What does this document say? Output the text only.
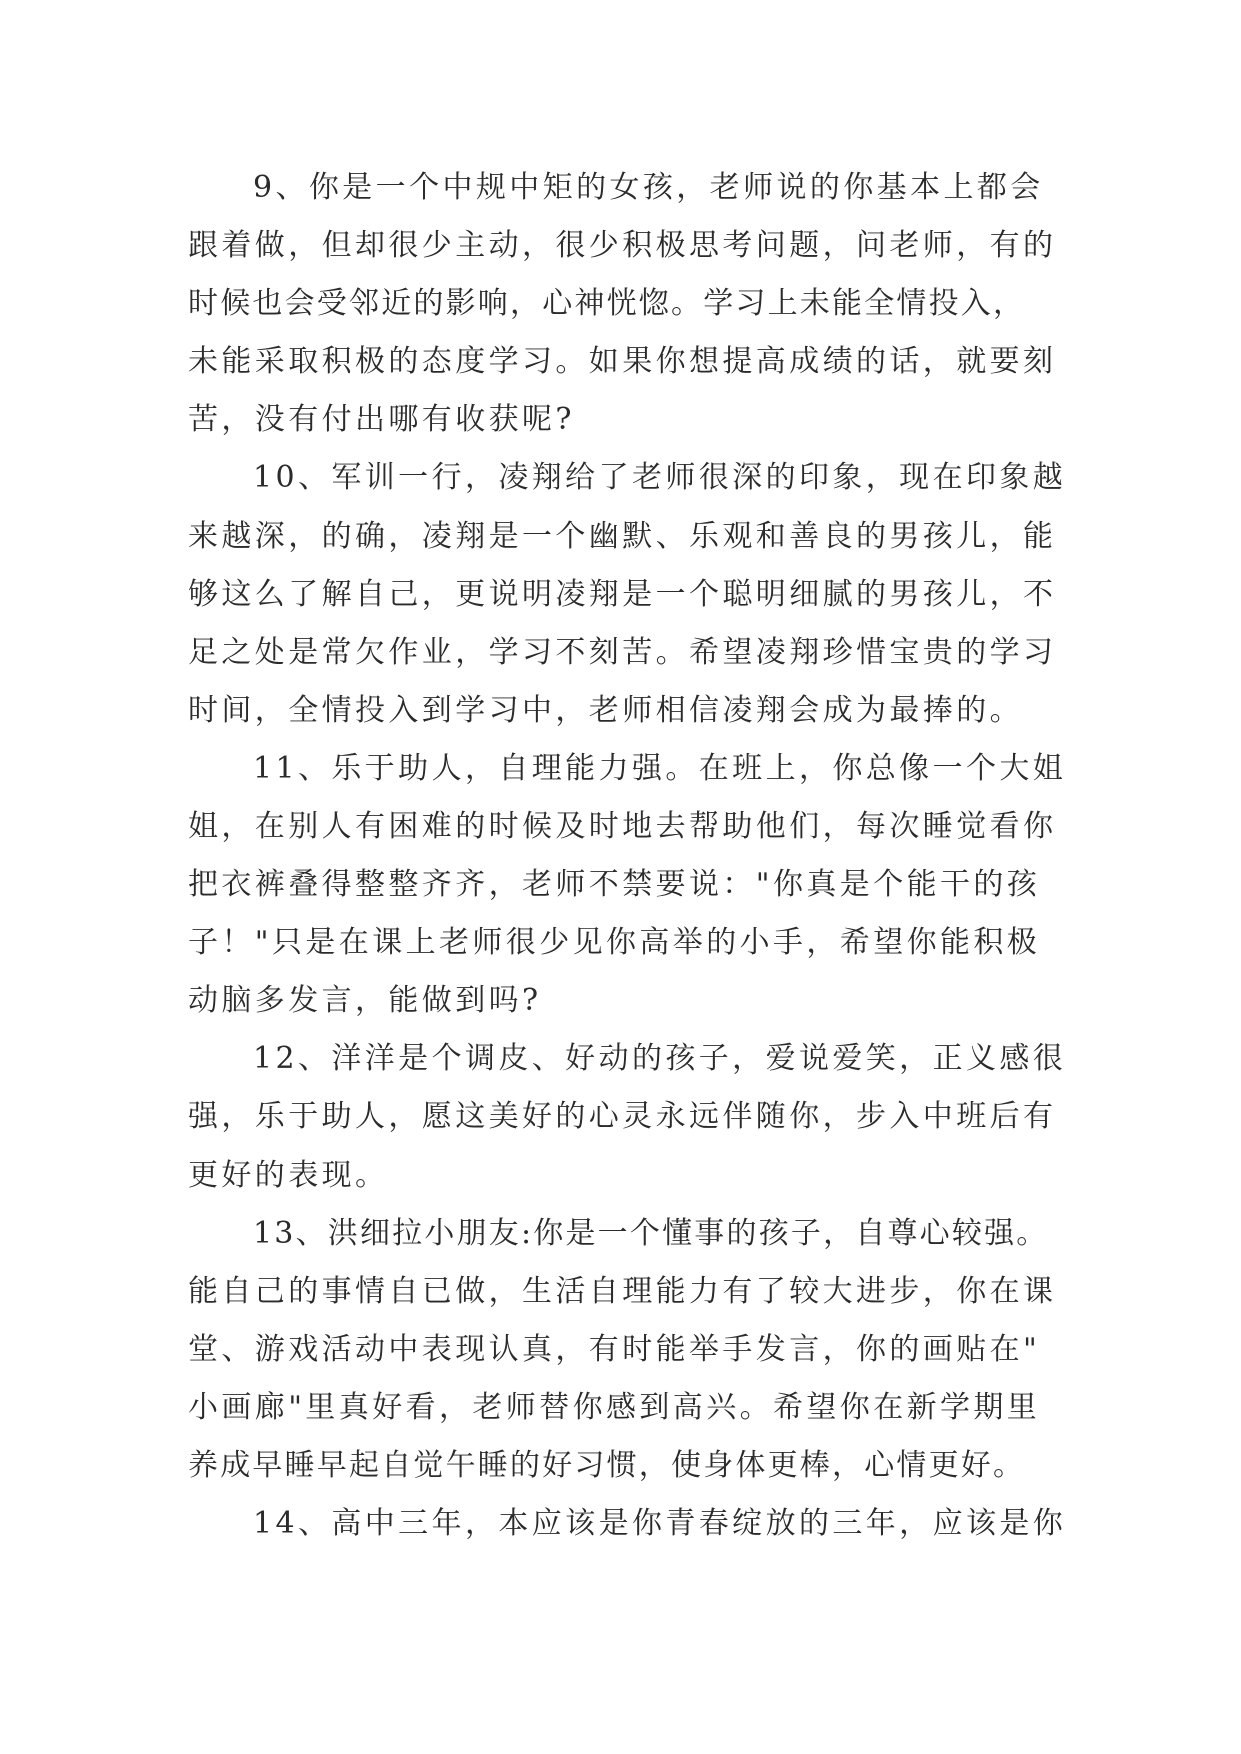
9、你是一个中规中矩的女孩，老师说的你基本上都会
跟着做，但却很少主动，很少积极思考问题，问老师，有的
时候也会受邻近的影响，心神恍惚。学习上未能全情投入，
未能采取积极的态度学习。如果你想提高成绩的话，就要刻
苦，没有付出哪有收获呢?
10、军训一行，凌翔给了老师很深的印象，现在印象越
来越深，的确，凌翔是一个幽默、乐观和善良的男孩儿，能
够这么了解自己，更说明凌翔是一个聪明细腻的男孩儿，不
足之处是常欠作业，学习不刻苦。希望凌翔珍惜宝贵的学习
时间，全情投入到学习中，老师相信凌翔会成为最捧的。
11、乐于助人，自理能力强。在班上，你总像一个大姐
姐，在别人有困难的时候及时地去帮助他们，每次睡觉看你
把衣裤叠得整整齐齐，老师不禁要说："你真是个能干的孩
子！"只是在课上老师很少见你高举的小手，希望你能积极
动脑多发言，能做到吗?
12、洋洋是个调皮、好动的孩子，爱说爱笑，正义感很
强，乐于助人，愿这美好的心灵永远伴随你，步入中班后有
更好的表现。
13、洪细拉小朋友:你是一个懂事的孩子，自尊心较强。
能自己的事情自已做，生活自理能力有了较大进步，你在课
堂、游戏活动中表现认真，有时能举手发言，你的画贴在"
小画廊"里真好看，老师替你感到高兴。希望你在新学期里
养成早睡早起自觉午睡的好习惯，使身体更棒，心情更好。
14、高中三年，本应该是你青春绽放的三年，应该是你
